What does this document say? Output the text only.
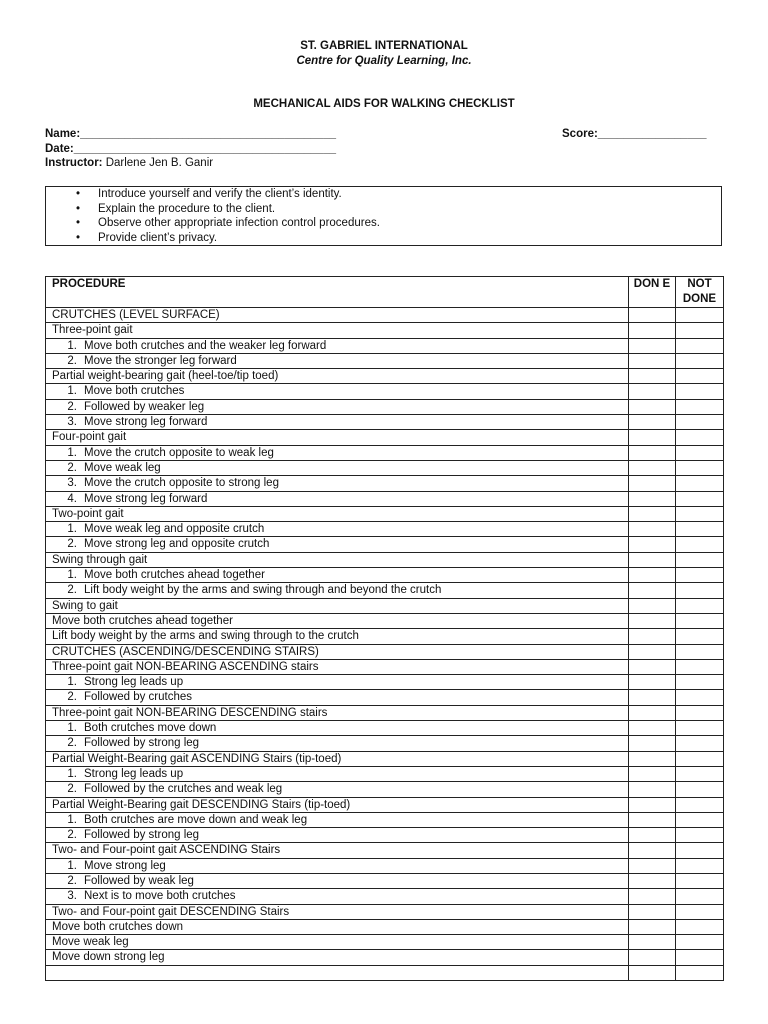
ST. GABRIEL INTERNATIONAL
Centre for Quality Learning, Inc.
MECHANICAL AIDS FOR WALKING CHECKLIST
Name:________________________________________
Date:_________________________________________
Instructor: Darlene Jen B. Ganir
Score:_________________
• Introduce yourself and verify the client’s identity.
• Explain the procedure to the client.
• Observe other appropriate infection control procedures.
• Provide client’s privacy.
PROCEDURE	DON E	NOT DONE
CRUTCHES (LEVEL SURFACE)		
Three-point gait		
1. Move both crutches and the weaker leg forward		
2. Move the stronger leg forward		
Partial weight-bearing gait (heel-toe/tip toed)		
1. Move both crutches		
2. Followed by weaker leg		
3. Move strong leg forward		
Four-point gait		
1. Move the crutch opposite to weak leg		
2. Move weak leg		
3. Move the crutch opposite to strong leg		
4. Move strong leg forward		
Two-point gait		
1. Move weak leg and opposite crutch		
2. Move strong leg and opposite crutch		
Swing through gait		
1. Move both crutches ahead together		
2. Lift body weight by the arms and swing through and beyond the crutch		
Swing to gait		
Move both crutches ahead together		
Lift body weight by the arms and swing through to the crutch		
CRUTCHES (ASCENDING/DESCENDING STAIRS)		
Three-point gait NON-BEARING ASCENDING stairs		
1. Strong leg leads up		
2. Followed by crutches		
Three-point gait NON-BEARING DESCENDING stairs		
1. Both crutches move down		
2. Followed by strong leg		
Partial Weight-Bearing gait ASCENDING Stairs (tip-toed)		
1. Strong leg leads up		
2. Followed by the crutches and weak leg		
Partial Weight-Bearing gait DESCENDING Stairs (tip-toed)		
1. Both crutches are move down and weak leg		
2. Followed by strong leg		
Two- and Four-point gait ASCENDING Stairs		
1. Move strong leg		
2. Followed by weak leg		
3. Next is to move both crutches		
Two- and Four-point gait DESCENDING Stairs		
Move both crutches down		
Move weak leg		
Move down strong leg		
